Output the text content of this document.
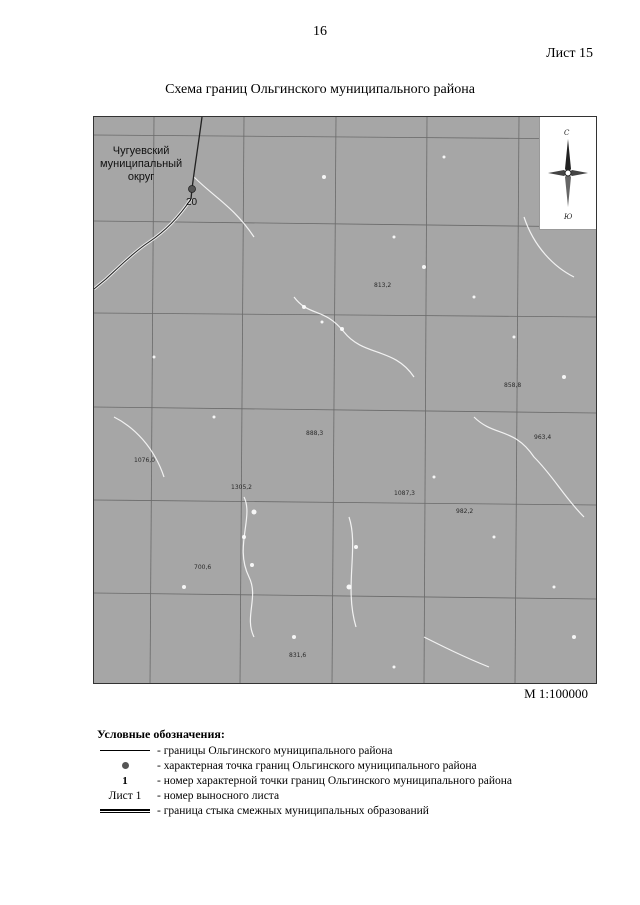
16
Лист 15
Схема границ Ольгинского муниципального района
1305,2
888,3
1087,3
982,2
1076,0
858,8
700,6
831,6
813,2
963,4
Чугуевский
муниципальный
округ
20
С
Ю
М 1:100000
Условные обозначения:
- границы Ольгинского муниципального района
- характерная точка границ Ольгинского муниципального района
1	- номер характерной точки границ Ольгинского муниципального района
Лист 1 - номер выносного листа
- граница стыка смежных муниципальных образований
